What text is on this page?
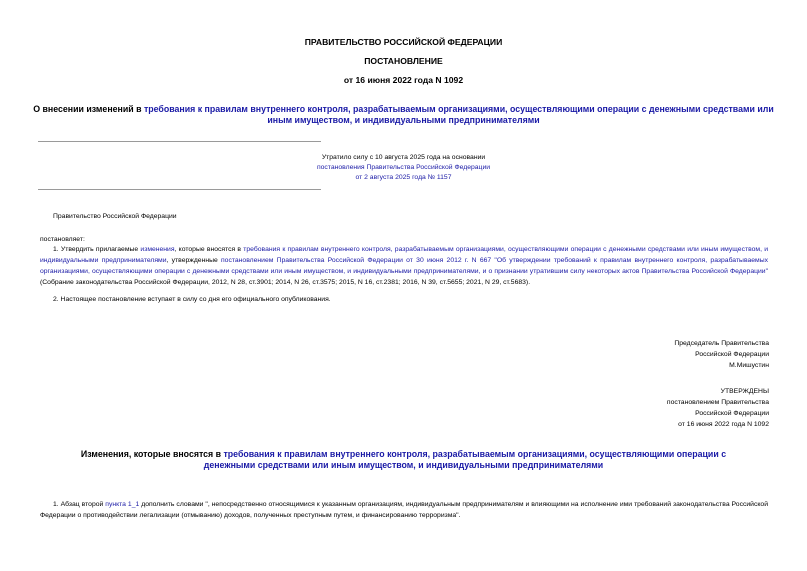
ПРАВИТЕЛЬСТВО РОССИЙСКОЙ ФЕДЕРАЦИИ
ПОСТАНОВЛЕНИЕ
от 16 июня 2022 года N 1092
О внесении изменений в требования к правилам внутреннего контроля, разрабатываемым организациями, осуществляющими операции с денежными средствами или иным имуществом, и индивидуальными предпринимателями
Утратило силу с 10 августа 2025 года на основании
постановления Правительства Российской Федерации
от 2 августа 2025 года № 1157
Правительство Российской Федерации
постановляет:
1. Утвердить прилагаемые изменения, которые вносятся в требования к правилам внутреннего контроля, разрабатываемым организациями, осуществляющими операции с денежными средствами или иным имуществом, и индивидуальными предпринимателями, утвержденные постановлением Правительства Российской Федерации от 30 июня 2012 г. N 667 "Об утверждении требований к правилам внутреннего контроля, разрабатываемых организациями, осуществляющими операции с денежными средствами или иным имуществом, и индивидуальными предпринимателями, и о признании утратившим силу некоторых актов Правительства Российской Федерации" (Собрание законодательства Российской Федерации, 2012, N 28, ст.3901; 2014, N 26, ст.3575; 2015, N 16, ст.2381; 2016, N 39, ст.5655; 2021, N 29, ст.5683).
2. Настоящее постановление вступает в силу со дня его официального опубликования.
Председатель Правительства
Российской Федерации
М.Мишустин
УТВЕРЖДЕНЫ
постановлением Правительства
Российской Федерации
от 16 июня 2022 года N 1092
Изменения, которые вносятся в требования к правилам внутреннего контроля, разрабатываемым организациями, осуществляющими операции с денежными средствами или иным имуществом, и индивидуальными предпринимателями
1. Абзац второй пункта 1_1 дополнить словами ", непосредственно относящимися к указанным организациям, индивидуальным предпринимателям и влияющими на исполнение ими требований законодательства Российской Федерации о противодействии легализации (отмыванию) доходов, полученных преступным путем, и финансированию терроризма".
